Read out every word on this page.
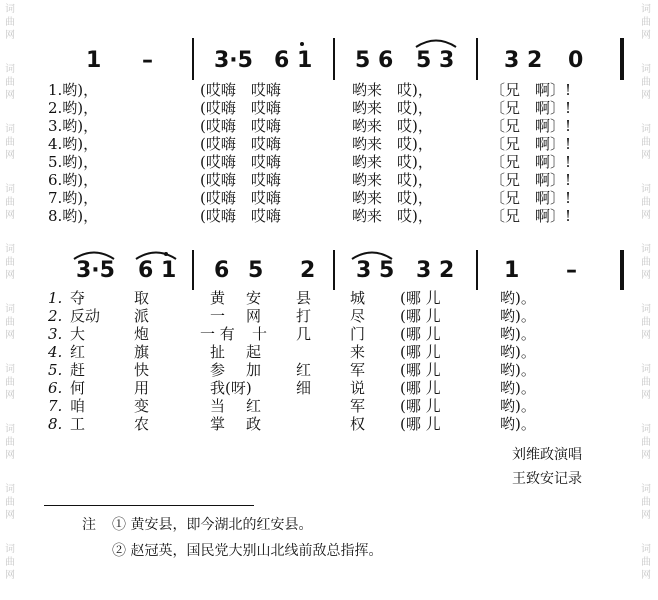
词
曲
网
词
曲
网
词
曲
网
词
曲
网
词
曲
网
词
曲
网
词
曲
网
词
曲
网
词
曲
网
词
曲
网
词
曲
网
词
曲
网
词
曲
网
词
曲
网
词
曲
网
词
曲
网
词
曲
网
词
曲
网
词
曲
网
词
曲
网
1 –	3·5 6 1 5 6 5 3 3 2 0
1.哟)，	(哎嗨　哎嗨	哟来　哎)，	〔兄　啊〕!
2.哟)，	(哎嗨　哎嗨	哟来　哎)，	〔兄　啊〕!
3.哟)，	(哎嗨　哎嗨	哟来　哎)，	〔兄　啊〕!
4.哟)，	(哎嗨　哎嗨	哟来　哎)，	〔兄　啊〕!
5.哟)，	(哎嗨　哎嗨	哟来　哎)，	〔兄　啊〕!
6.哟)，	(哎嗨　哎嗨	哟来　哎)，	〔兄　啊〕!
7.哟)，	(哎嗨　哎嗨	哟来　哎)，	〔兄　啊〕!
8.哟)，	(哎嗨　哎嗨	哟来　哎)，	〔兄　啊〕!
3·5 6 1 6 5 2 3 5 3 2 1 –
1. 夺	取	黄 安 县	城 (哪 儿	哟)。
2. 反动 派	一 网 打	尽 (哪 儿	哟)。
3. 大	炮	一 有 十 几	门 (哪 儿	哟)。
4. 红	旗	扯 起	来 (哪 儿	哟)。
5. 赶	快	参 加 红	军 (哪 儿	哟)。
6. 何	用	我(呀)	细	说 (哪 儿	哟)。
7. 咱	变	当 红	军 (哪 儿	哟)。
8. 工	农	掌 政	权 (哪 儿	哟)。
刘维政演唱
王致安记录
注 ① 黄安县，即今湖北的红安县。
② 赵冠英，国民党大别山北线前敌总指挥。
